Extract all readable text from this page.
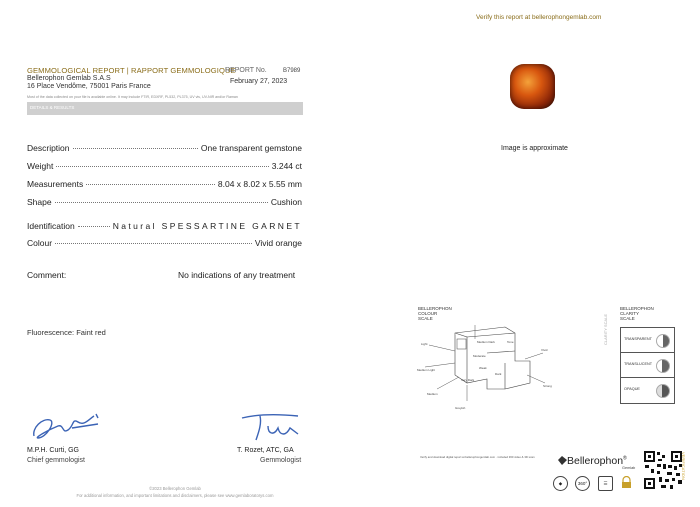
Verify this report at bellerophongemlab.com
GEMMOLOGICAL REPORT | RAPPORT GEMMOLOGIQUE
Bellerophon Gemlab S.A.S
16 Place Vendôme, 75001 Paris France
REPORT No.	B7989
February 27, 2023
Most of the data collected on your file is available online. It may include FTIR, EDXRF, PL532, PL375, UV vis, UV-NIR and/or Raman
DETAILS & RESULTS
Description	One transparent gemstone
Weight	3.244 ct
Measurements	8.04 x 8.02 x 5.55 mm
Shape	Cushion
Identification	Natural SPESSARTINE GARNET
Colour	Vivid orange
Comment:	No indications of any treatment
Fluorescence: Faint red
Image is approximate
M.P.H. Curti, GG
Chief gemmologist
T. Rozet, ATC, GA
Gemmologist
©2023 Bellerophon Gemlab
For additional information, and important limitations and disclaimers, please see www.gemlaboratorys.com
BELLEROPHON
COLOUR
SCALE
Light
Medium Light
Medium
Medium Dark
Dark
Very Dark
Tone
Greyish
Vivid
Strong
Moderate
Weak
BELLEROPHON
CLARITY
SCALE
CLARITY SCALE	TRANSPARENT
TRANSLUCENT
OPAQUE
Verify and download digital report at bellerophongemlab.com · included 360 video & 3D scan	Bellerophon®
Gemlab	VERIFICATION
◆	360°	☰
